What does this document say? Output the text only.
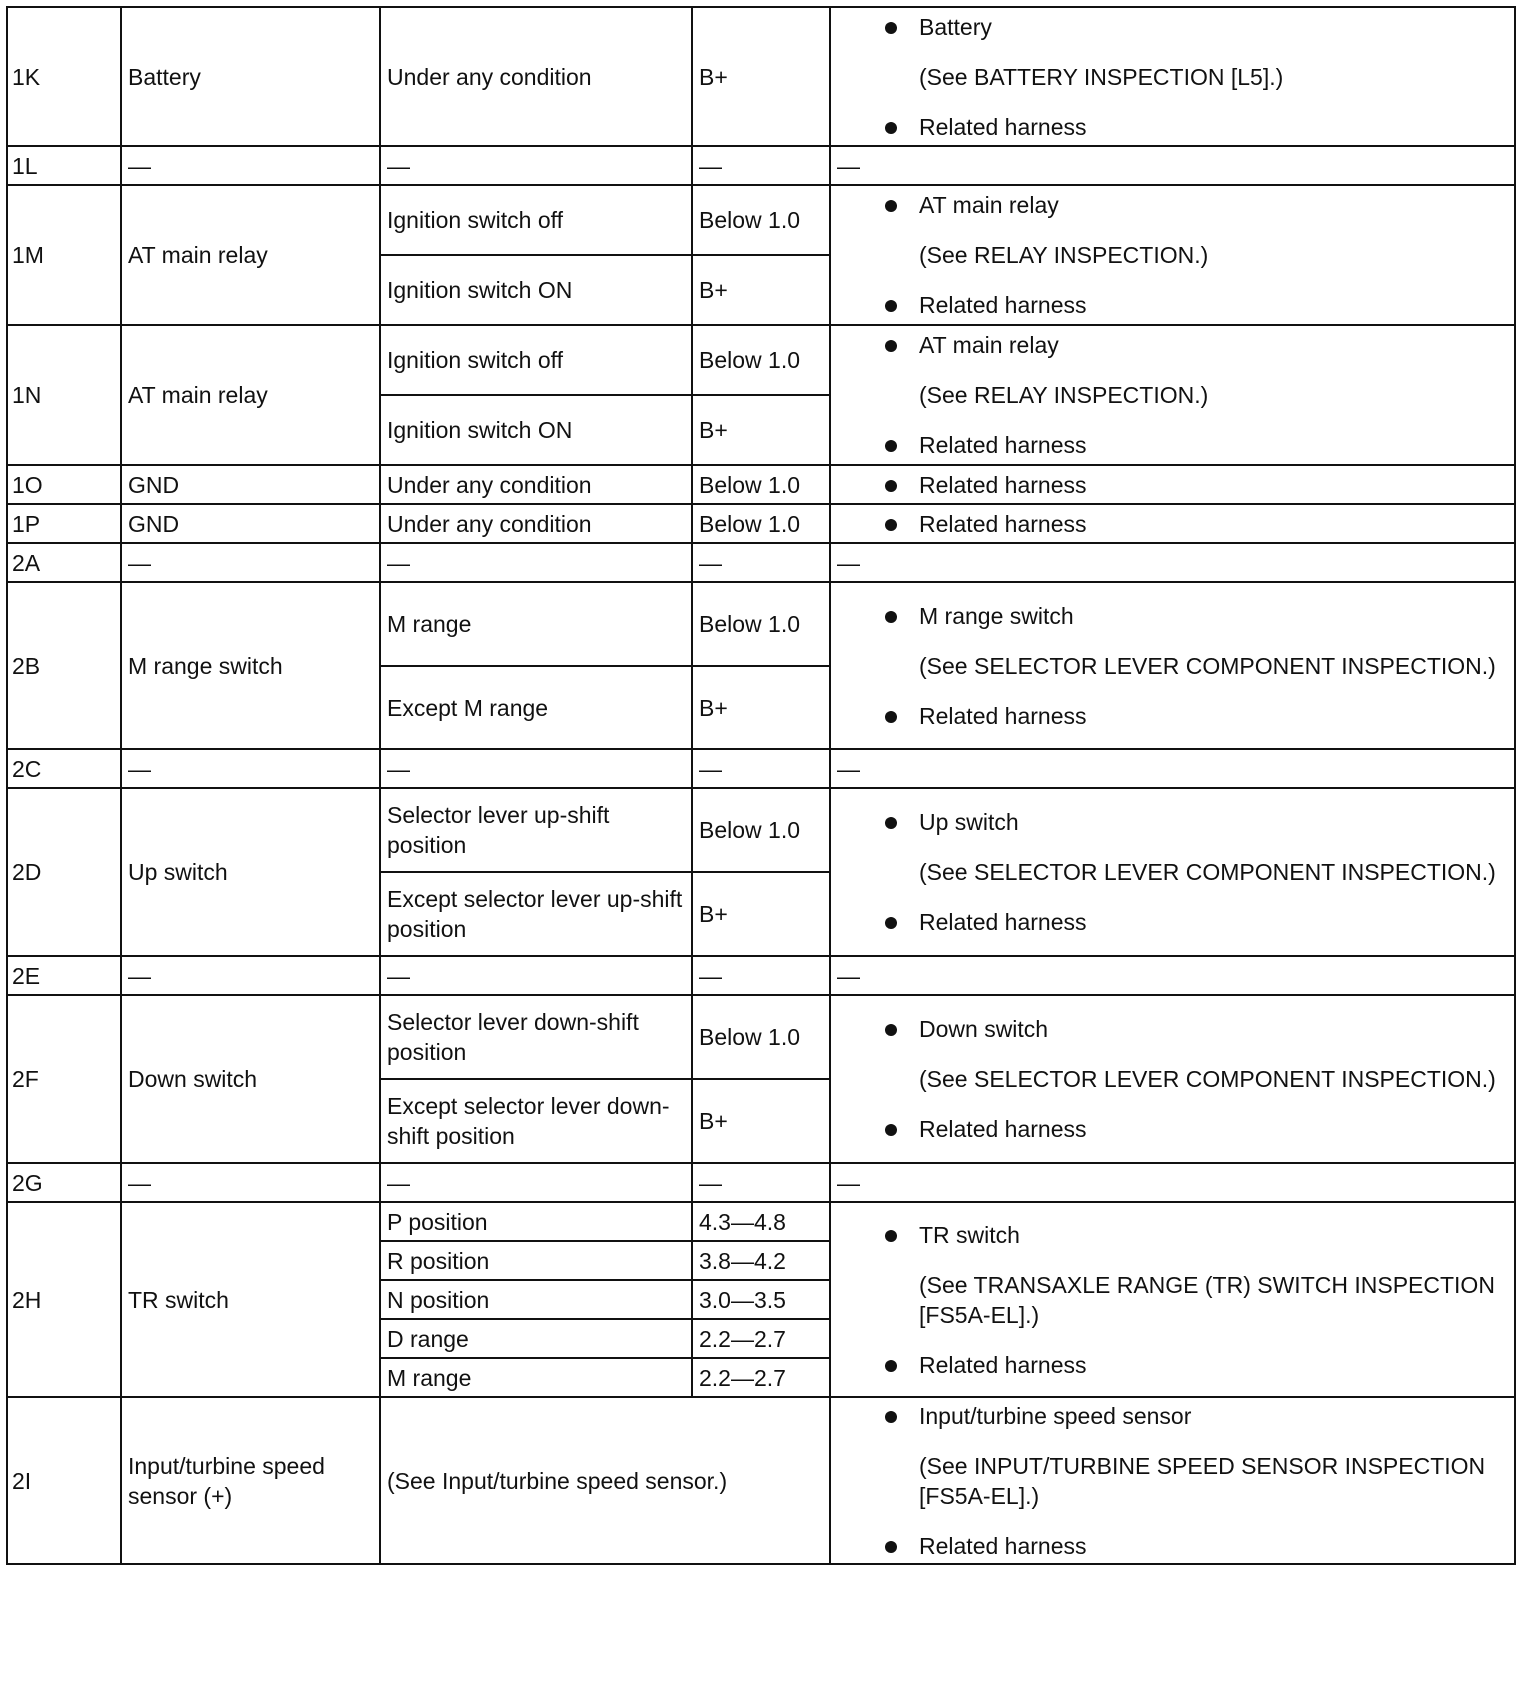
1K	Battery	Under any condition	B+	Battery
(See BATTERY INSPECTION [L5].)
Related harness

1L	—	—	—	—
1M	AT main relay	Ignition switch off	Below 1.0	AT main relay
(See RELAY INSPECTION.)
Related harness

		Ignition switch ON	B+	
1N	AT main relay	Ignition switch off	Below 1.0	AT main relay
(See RELAY INSPECTION.)
Related harness

		Ignition switch ON	B+	
1O	GND	Under any condition	Below 1.0	Related harness

1P	GND	Under any condition	Below 1.0	Related harness

2A	—	—	—	—
2B	M range switch	M range	Below 1.0	M range switch
(See SELECTOR LEVER COMPONENT INSPECTION.)
Related harness

		Except M range	B+	
2C	—	—	—	—
2D	Up switch	Selector lever up-shift position	Below 1.0	Up switch
(See SELECTOR LEVER COMPONENT INSPECTION.)
Related harness

		Except selector lever up-shift position	B+	
2E	—	—	—	—
2F	Down switch	Selector lever down-shift position	Below 1.0	Down switch
(See SELECTOR LEVER COMPONENT INSPECTION.)
Related harness

		Except selector lever down-shift position	B+	
2G	—	—	—	—
2H	TR switch	P position	4.3—4.8	TR switch
(See TRANSAXLE RANGE (TR) SWITCH INSPECTION [FS5A-EL].)
Related harness

		R position	3.8—4.2	
		N position	3.0—3.5	
		D range	2.2—2.7	
		M range	2.2—2.7	
2I	Input/turbine speed sensor (+)	(See Input/turbine speed sensor.)		Input/turbine speed sensor
(See INPUT/TURBINE SPEED SENSOR INSPECTION [FS5A-EL].)
Related harness
